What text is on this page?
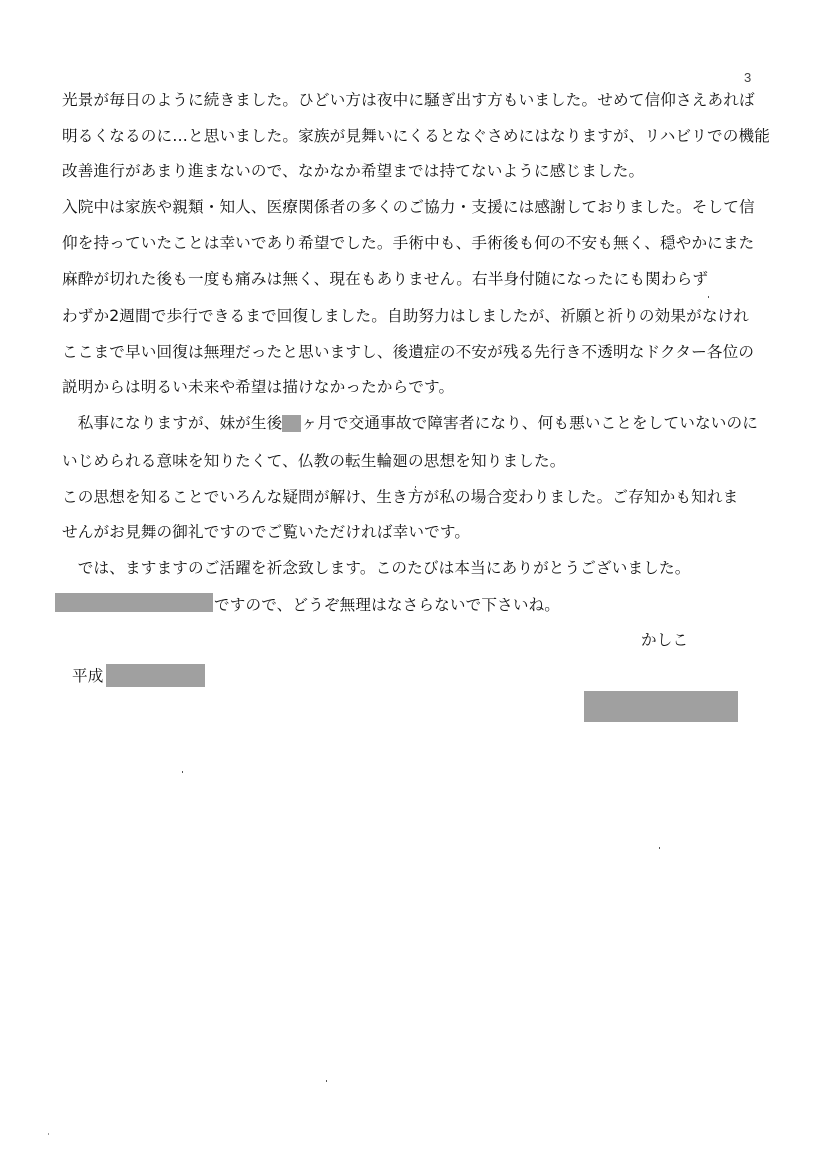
3
光景が毎日のように続きました。ひどい方は夜中に騒ぎ出す方もいました。せめて信仰さえあれば
明るくなるのに…と思いました。家族が見舞いにくるとなぐさめにはなりますが、リハビリでの機能
改善進行があまり進まないので、なかなか希望までは持てないように感じました。
入院中は家族や親類・知人、医療関係者の多くのご協力・支援には感謝しておりました。そして信
仰を持っていたことは幸いであり希望でした。手術中も、手術後も何の不安も無く、穏やかにまた
麻酔が切れた後も一度も痛みは無く、現在もありません。右半身付随になったにも関わらず
わずか2週間で歩行できるまで回復しました。自助努力はしましたが、祈願と祈りの効果がなけれ
ここまで早い回復は無理だったと思いますし、後遺症の不安が残る先行き不透明なドクター各位の
説明からは明るい未来や希望は描けなかったからです。
　私事になりますが、妹が生後 ヶ月で交通事故で障害者になり、何も悪いことをしていないのに
いじめられる意味を知りたくて、仏教の転生輪廻の思想を知りました。
この思想を知ることでいろんな疑問が解け、生き方が私の場合変わりました。ご存知かも知れま
せんがお見舞の御礼ですのでご覧いただければ幸いです。
　では、ますますのご活躍を祈念致します。このたびは本当にありがとうございました。
ですので、どうぞ無理はなさらないで下さいね。
かしこ
平成
